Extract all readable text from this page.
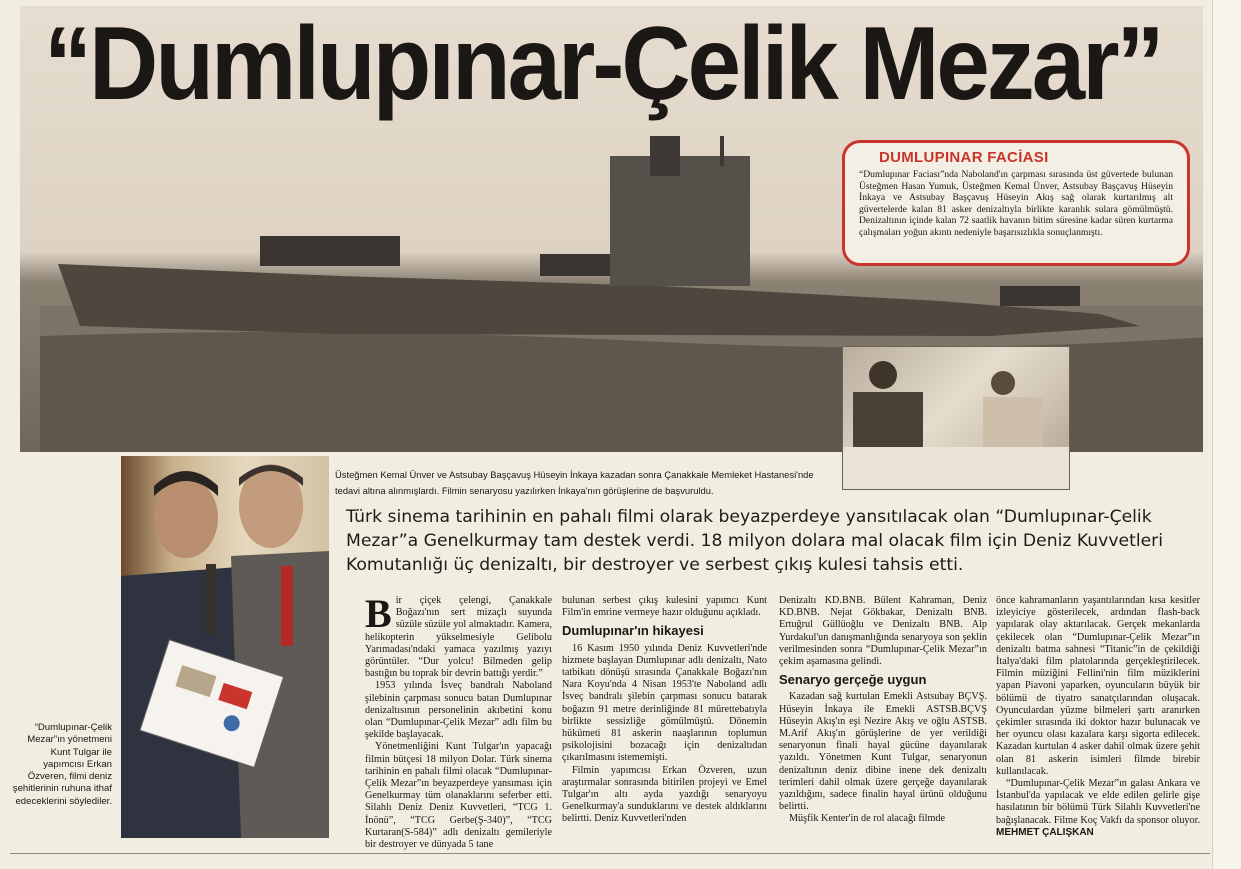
“Dumlupınar-Çelik Mezar”
DUMLUPINAR FACİASI
“Dumlupınar Faciası”nda Naboland'ın çarpması sırasında üst güvertede bulunan Üsteğmen Hasan Yumuk, Üsteğmen Kemal Ünver, Astsubay Başçavuş Hüseyin İnkaya ve Astsubay Başçavuş Hüseyin Akış sağ olarak kurtarılmış alt güvertelerde kalan 81 asker denizaltıyla birlikte karanlık sulara gömülmüştü. Denizaltının içinde kalan 72 saatlik havanın bitim süresine kadar süren kurtarma çalışmaları yoğun akıntı nedeniyle başarısızlıkla sonuçlanmıştı.
Üsteğmen Kemal Ünver ve Astsubay Başçavuş Hüseyin İnkaya kazadan sonra Çanakkale Memleket Hastanesi'nde tedavi altına alınmışlardı. Filmin senaryosu yazılırken İnkaya'nın görüşlerine de başvuruldu.
“Dumlupınar-Çelik Mezar”ın yönetmeni Kunt Tulgar ile yapımcısı Erkan Özveren, filmi deniz şehitlerinin ruhuna ithaf edeceklerini söylediler.
Türk sinema tarihinin en pahalı filmi olarak beyazperdeye yansıtılacak olan “Dumlupınar-Çelik Mezar”a Genelkurmay tam destek verdi. 18 milyon dolara mal olacak film için Deniz Kuvvetleri Komutanlığı üç denizaltı, bir destroyer ve serbest çıkış kulesi tahsis etti.
B ir çiçek çelengi, Çanakkale Boğazı'nın sert mizaçlı suyunda süzüle süzüle yol almaktadır. Kamera, helikopterin yükselmesiyle Gelibolu Yarımadası'ndaki yamaca yazılmış yazıyı görüntüler. “Dur yolcu! Bilmeden gelip bastığın bu toprak bir devrin battığı yerdir.”

1953 yılında İsveç bandralı Naboland şilebinin çarpması sonucu batan Dumlupınar denizaltısının personelinin akıbetini konu olan “Dumlupınar-Çelik Mezar” adlı film bu şekilde başlayacak.

Yönetmenliğini Kunt Tulgar'ın yapacağı filmin bütçesi 18 milyon Dolar. Türk sinema tarihinin en pahalı filmi olacak “Dumlupınar-Çelik Mezar”ın beyazperdeye yansıması için Genelkurmay tüm olanaklarını seferber etti. Silahlı Deniz Deniz Kuvvetleri, “TCG 1. İnönü”, “TCG Gerbe(Ş-340)”, “TCG Kurtaran(S-584)” adlı denizaltı gemileriyle bir destroyer ve dünyada 5 tane

bulunan serbest çıkış kulesini yapımcı Kunt Film'in emrine vermeye hazır olduğunu açıkladı.

Dumlupınar'ın hikayesi

16 Kasım 1950 yılında Deniz Kuvvetleri'nde hizmete başlayan Dumlupınar adlı denizaltı, Nato tatbikatı dönüşü sırasında Çanakkale Boğazı'nın Nara Koyu'nda 4 Nisan 1953'te Naboland adlı İsveç bandralı şilebin çarpması sonucu batarak boğazın 91 metre derinliğinde 81 mürettebatıyla birlikte sessizliğe gömülmüştü. Dönemin hükümeti 81 askerin naaşlarının toplumun psikolojisini bozacağı için denizaltıdan çıkarılmasını istememişti.

Filmin yapımcısı Erkan Özveren, uzun araştırmalar sonrasında bitirilen projeyi ve Emel Tulgar'ın altı ayda yazdığı senaryoyu Genelkurmay'a sunduklarını ve destek aldıklarını belirtti. Deniz Kuvvetleri'nden

Denizaltı KD.BNB. Bülent Kahraman, Deniz KD.BNB. Nejat Gökbakar, Denizaltı BNB. Ertuğrul Güllüoğlu ve Denizaltı BNB. Alp Yurdakul'un danışmanlığında senaryoya son şeklin verilmesinden sonra “Dumlupınar-Çelik Mezar”ın çekim aşamasına gelindi.

Senaryo gerçeğe uygun

Kazadan sağ kurtulan Emekli Astsubay BÇVŞ. Hüseyin İnkaya ile Emekli ASTSB.BÇVŞ Hüseyin Akış'ın eşi Nezire Akış ve oğlu ASTSB. M.Arif Akış'ın görüşlerine de yer verildiği senaryonun finali hayal gücüne dayanılarak yazıldı. Yönetmen Kunt Tulgar, senaryonun denizaltının deniz dibine inene dek denizaltı terimleri dahil olmak üzere gerçeğe dayanılarak yazıldığını, sadece finalin hayal ürünü olduğunu belirtti.

Müşfik Kenter'in de rol alacağı filmde

önce kahramanların yaşantılarından kısa kesitler izleyiciye gösterilecek, ardından flash-back yapılarak olay aktarılacak. Gerçek mekanlarda çekilecek olan “Dumlupınar-Çelik Mezar”ın denizaltı batma sahnesi “Titanic”in de çekildiği İtalya'daki film platolarında gerçekleştirilecek. Filmin müziğini Fellini'nin film müziklerini yapan Piavoni yaparken, oyuncuların büyük bir bölümü de tiyatro sanatçılarından oluşacak. Oyunculardan yüzme bilmeleri şartı aranırken çekimler sırasında iki doktor hazır bulunacak ve her oyuncu olası kazalara karşı sigorta edilecek. Kazadan kurtulan 4 asker dahil olmak üzere şehit olan 81 askerin isimleri filmde birebir kullanılacak.

“Dumlupınar-Çelik Mezar”ın galası Ankara ve İstanbul'da yapılacak ve elde edilen gelirle gişe hasılatının bir bölümü Türk Silahlı Kuvvetleri'ne bağışlanacak. Filme Koç Vakfı da sponsor oluyor. MEHMET ÇALIŞKAN
